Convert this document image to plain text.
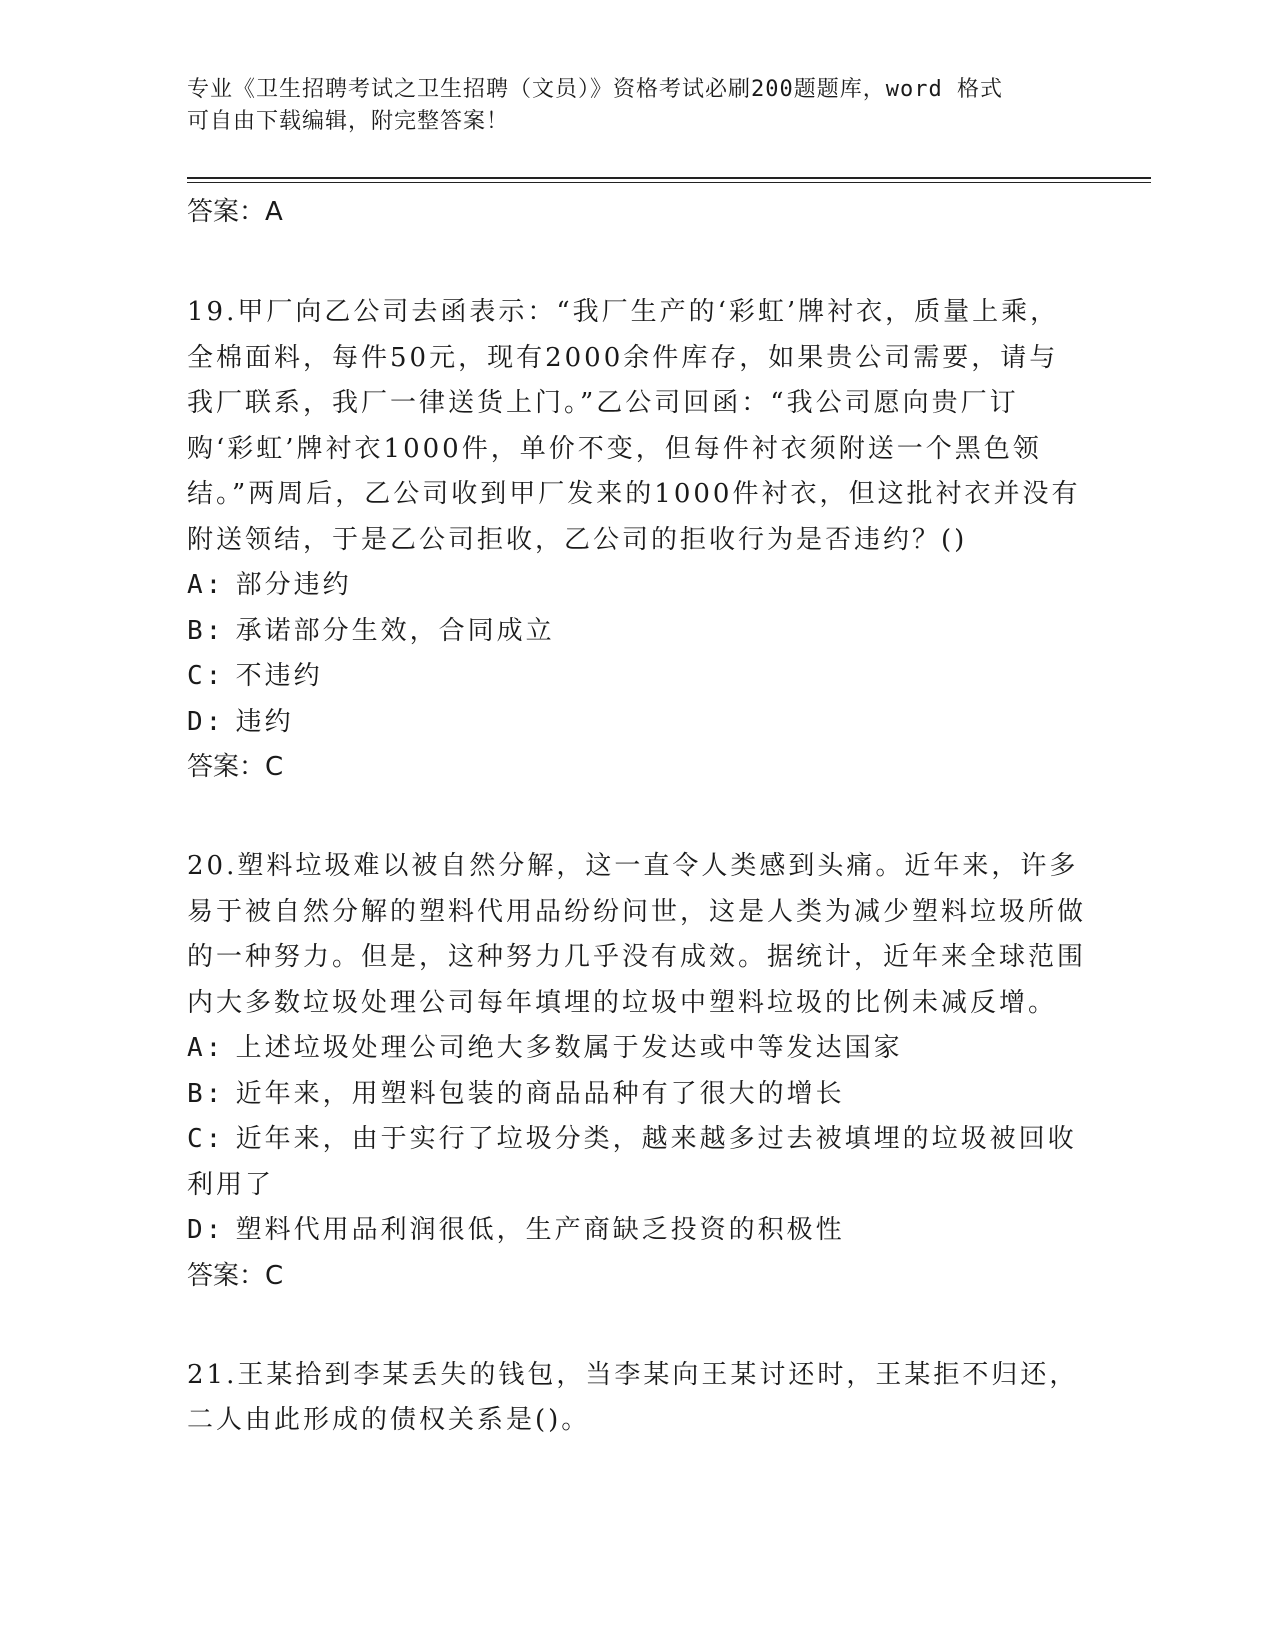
专业《卫生招聘考试之卫生招聘（文员）》资格考试必刷200题题库，word 格式
可自由下载编辑，附完整答案！
答案：A
19.甲厂向乙公司去函表示：“我厂生产的‘彩虹’牌衬衣，质量上乘，全棉面料，每件50元，现有2000余件库存，如果贵公司需要，请与我厂联系，我厂一律送货上门。”乙公司回函：“我公司愿向贵厂订购‘彩虹’牌衬衣1000件，单价不变，但每件衬衣须附送一个黑色领结。”两周后，乙公司收到甲厂发来的1000件衬衣，但这批衬衣并没有附送领结，于是乙公司拒收，乙公司的拒收行为是否违约？()
A: 部分违约
B: 承诺部分生效，合同成立
C: 不违约
D: 违约
答案：C
20.塑料垃圾难以被自然分解，这一直令人类感到头痛。近年来，许多易于被自然分解的塑料代用品纷纷问世，这是人类为减少塑料垃圾所做的一种努力。但是，这种努力几乎没有成效。据统计，近年来全球范围内大多数垃圾处理公司每年填埋的垃圾中塑料垃圾的比例未减反增。
A: 上述垃圾处理公司绝大多数属于发达或中等发达国家
B: 近年来，用塑料包装的商品品种有了很大的增长
C: 近年来，由于实行了垃圾分类，越来越多过去被填埋的垃圾被回收利用了
D: 塑料代用品利润很低，生产商缺乏投资的积极性
答案：C
21.王某拾到李某丢失的钱包，当李某向王某讨还时，王某拒不归还，二人由此形成的债权关系是()。
